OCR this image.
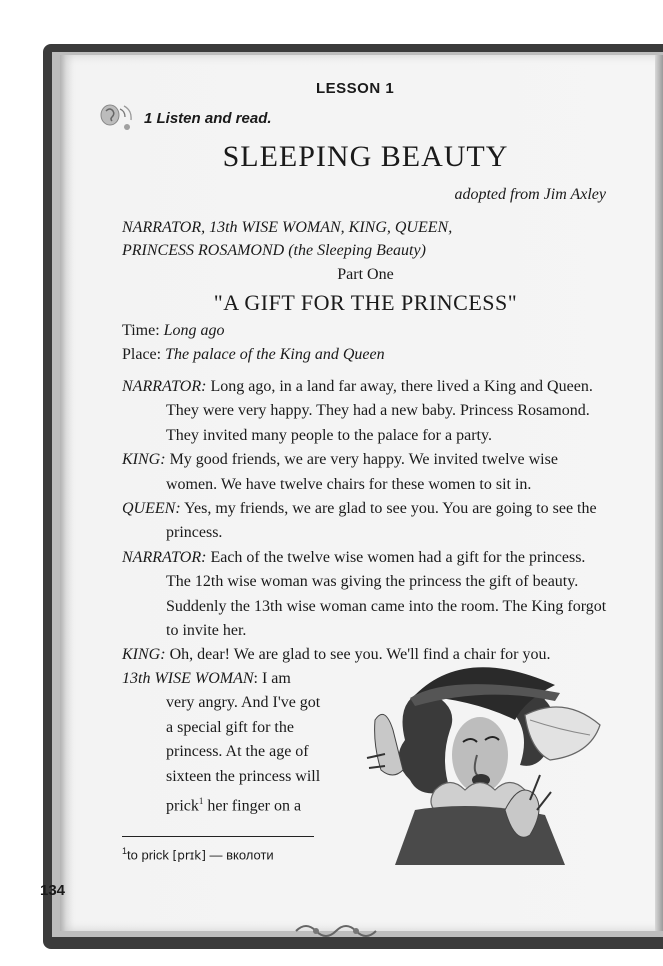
LESSON 1
1 Listen and read.
SLEEPING BEAUTY
adopted from Jim Axley
NARRATOR, 13th WISE WOMAN, KING, QUEEN,
PRINCESS ROSAMOND (the Sleeping Beauty)
Part One
"A GIFT FOR THE PRINCESS"
Time: Long ago
Place: The palace of the King and Queen
NARRATOR: Long ago, in a land far away, there lived a King and Queen. They were very happy. They had a new baby. Princess Rosamond. They invited many people to the palace for a party.
KING: My good friends, we are very happy. We invited twelve wise women. We have twelve chairs for these women to sit in.
QUEEN: Yes, my friends, we are glad to see you. You are going to see the princess.
NARRATOR: Each of the twelve wise women had a gift for the princess. The 12th wise woman was giving the princess the gift of beauty. Suddenly the 13th wise woman came into the room. The King forgot to invite her.
KING: Oh, dear! We are glad to see you. We'll find a chair for you.
13th WISE WOMAN: I am
very angry. And I've got
a special gift for the
princess. At the age of
sixteen the princess will
prick$^1$ her finger on a
$^1$to prick [prɪk] — вколоти
134
